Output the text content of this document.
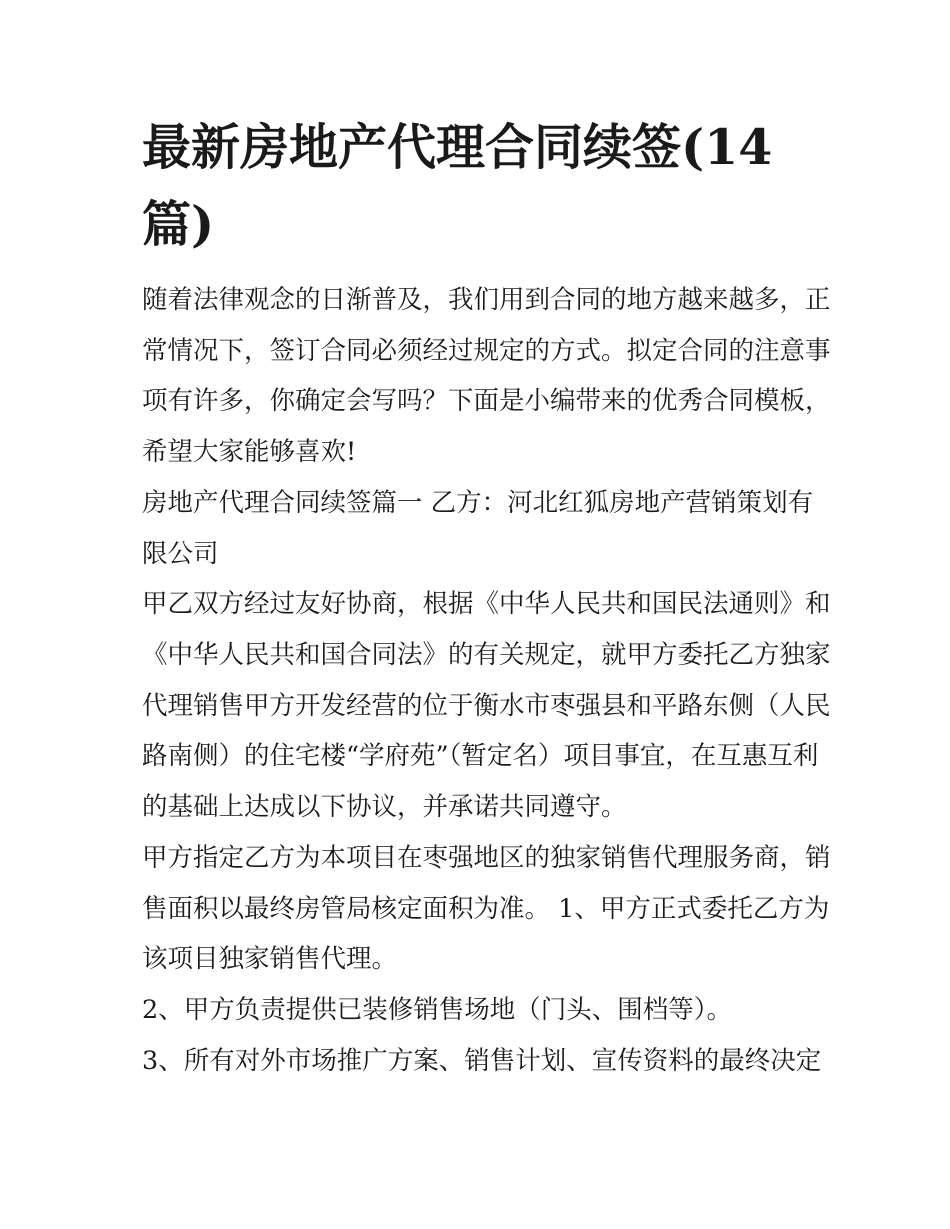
最新房地产代理合同续签(14
篇)

随着法律观念的日渐普及，我们用到合同的地方越来越多，正
常情况下，签订合同必须经过规定的方式。拟定合同的注意事
项有许多，你确定会写吗？下面是小编带来的优秀合同模板，
希望大家能够喜欢!

房地产代理合同续签篇一 乙方：河北红狐房地产营销策划有
限公司

甲乙双方经过友好协商，根据《中华人民共和国民法通则》和
《中华人民共和国合同法》的有关规定，就甲方委托乙方独家
代理销售甲方开发经营的位于衡水市枣强县和平路东侧（人民
路南侧）的住宅楼“学府苑”（暂定名）项目事宜，在互惠互利
的基础上达成以下协议，并承诺共同遵守。

甲方指定乙方为本项目在枣强地区的独家销售代理服务商，销
售面积以最终房管局核定面积为准。 1、甲方正式委托乙方为
该项目独家销售代理。

2、甲方负责提供已装修销售场地（门头、围档等）。

3、所有对外市场推广方案、销售计划、宣传资料的最终决定
